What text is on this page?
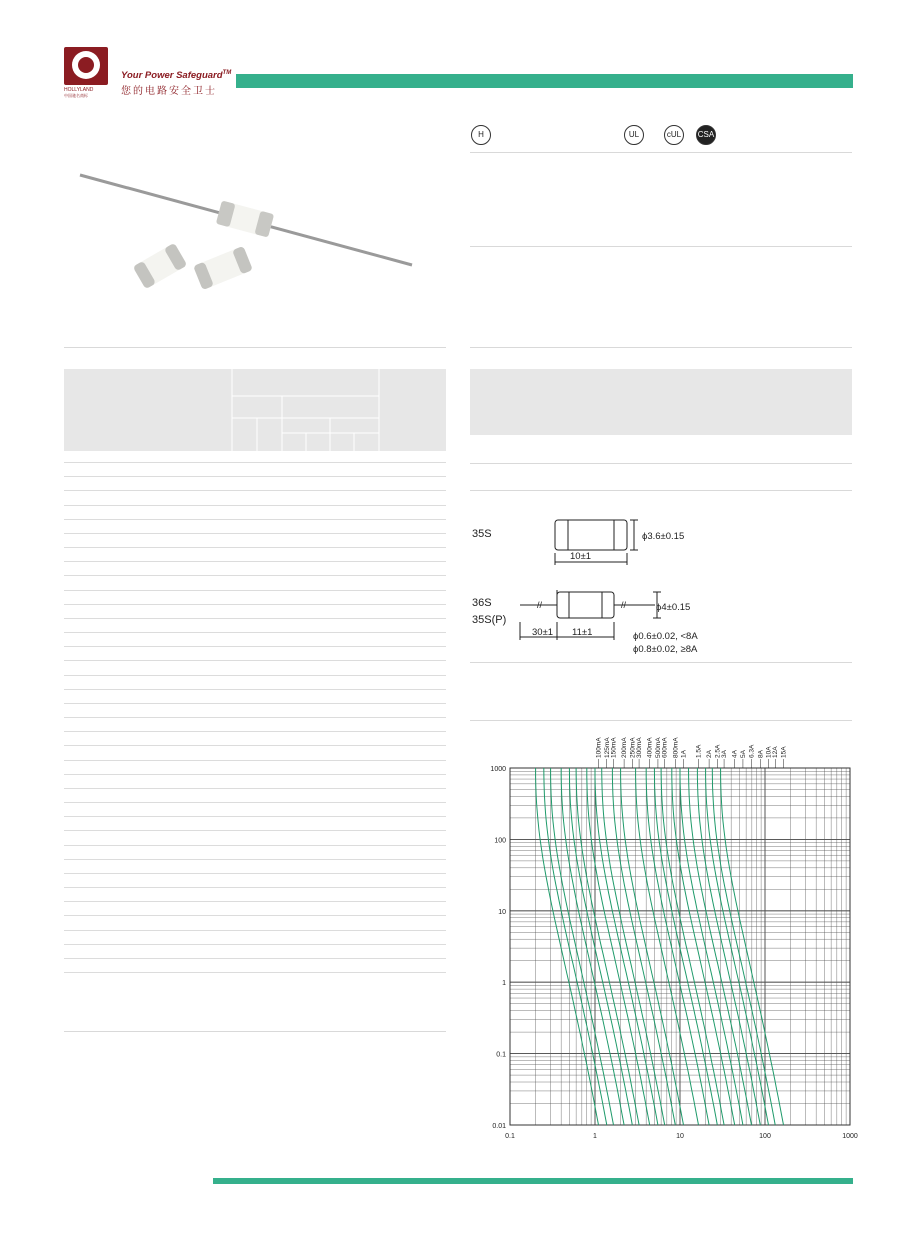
HOLLYLAND
中国驰名商标
Your Power Safeguard™
您的电路安全卫士
H	UL	cUL	CSA
35S	ϕ3.6±0.15
10±1
36S
35S(P)
//	//	ϕ4±0.15
30±1 11±1	ϕ0.6±0.02, <8A
ϕ0.8±0.02, ≥8A
0.1	1	10	100	1000
1000
100
10
1
0.1
0.01
100mA 125mA 150mA 200mA 250mA 300mA 400mA 500mA 600mA 800mA 1A 1.5A 2A 2.5A 3A 4A 5A 6.3A 8A 10A 12A 15A
